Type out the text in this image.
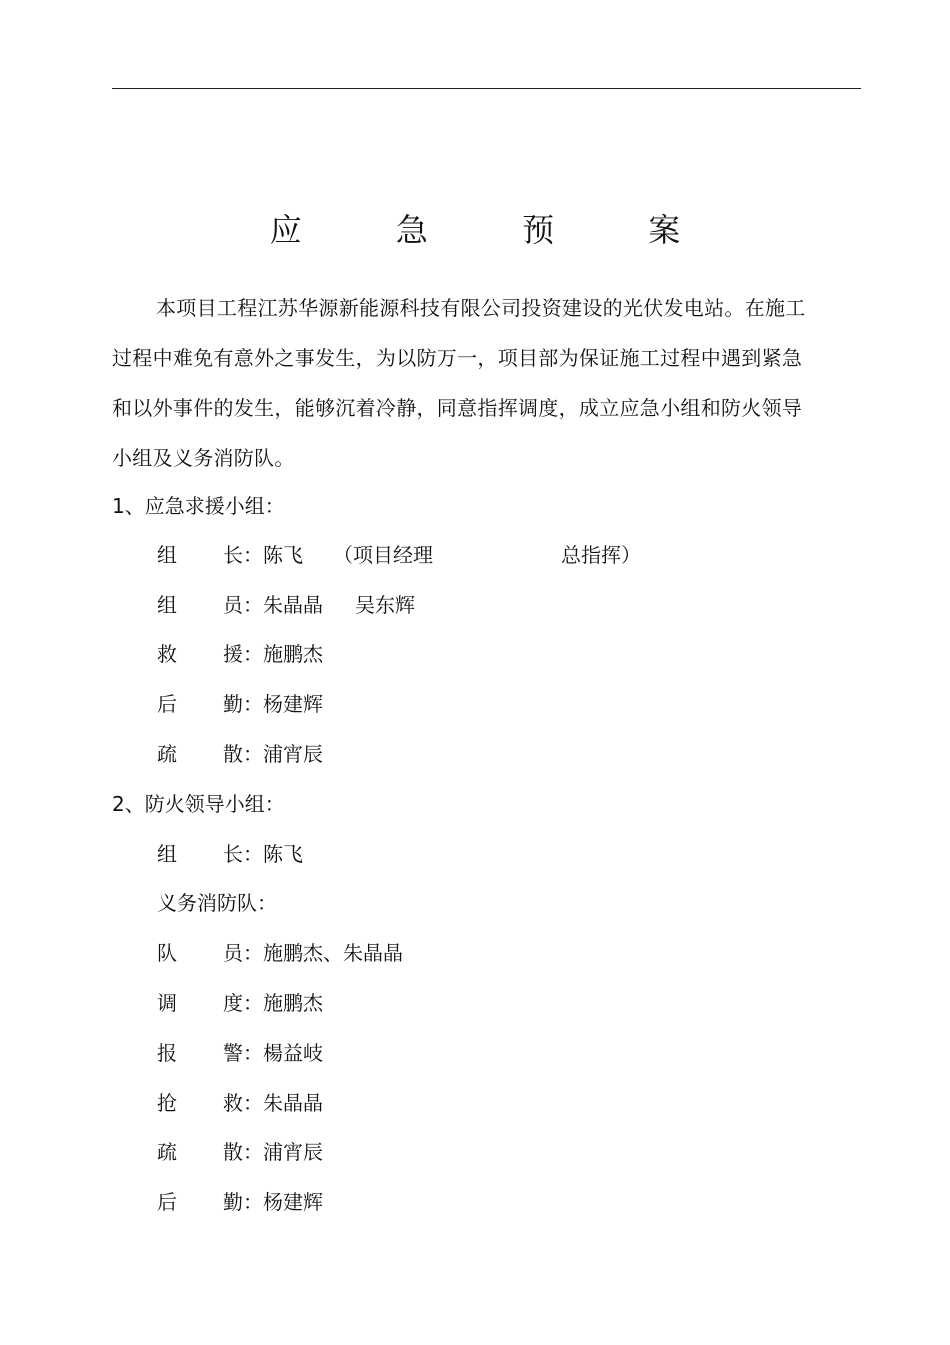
应 急 预 案
本项目工程江苏华源新能源科技有限公司投资建设的光伏发电站。在施工过程中难免有意外之事发生，为以防万一，项目部为保证施工过程中遇到紧急和以外事件的发生，能够沉着冷静，同意指挥调度，成立应急小组和防火领导小组及义务消防队。
1、应急求援小组：
组 长：陈飞 （项目经理	总指挥）
组 员：朱晶晶 吴东辉
救 援：施鹏杰
后 勤：杨建辉
疏 散：浦宵辰
2、防火领导小组：
组 长：陈飞
义务消防队：
队 员：施鹏杰、朱晶晶
调 度：施鹏杰
报 警：楊益岐
抢 救：朱晶晶
疏 散：浦宵辰
后 勤：杨建辉
